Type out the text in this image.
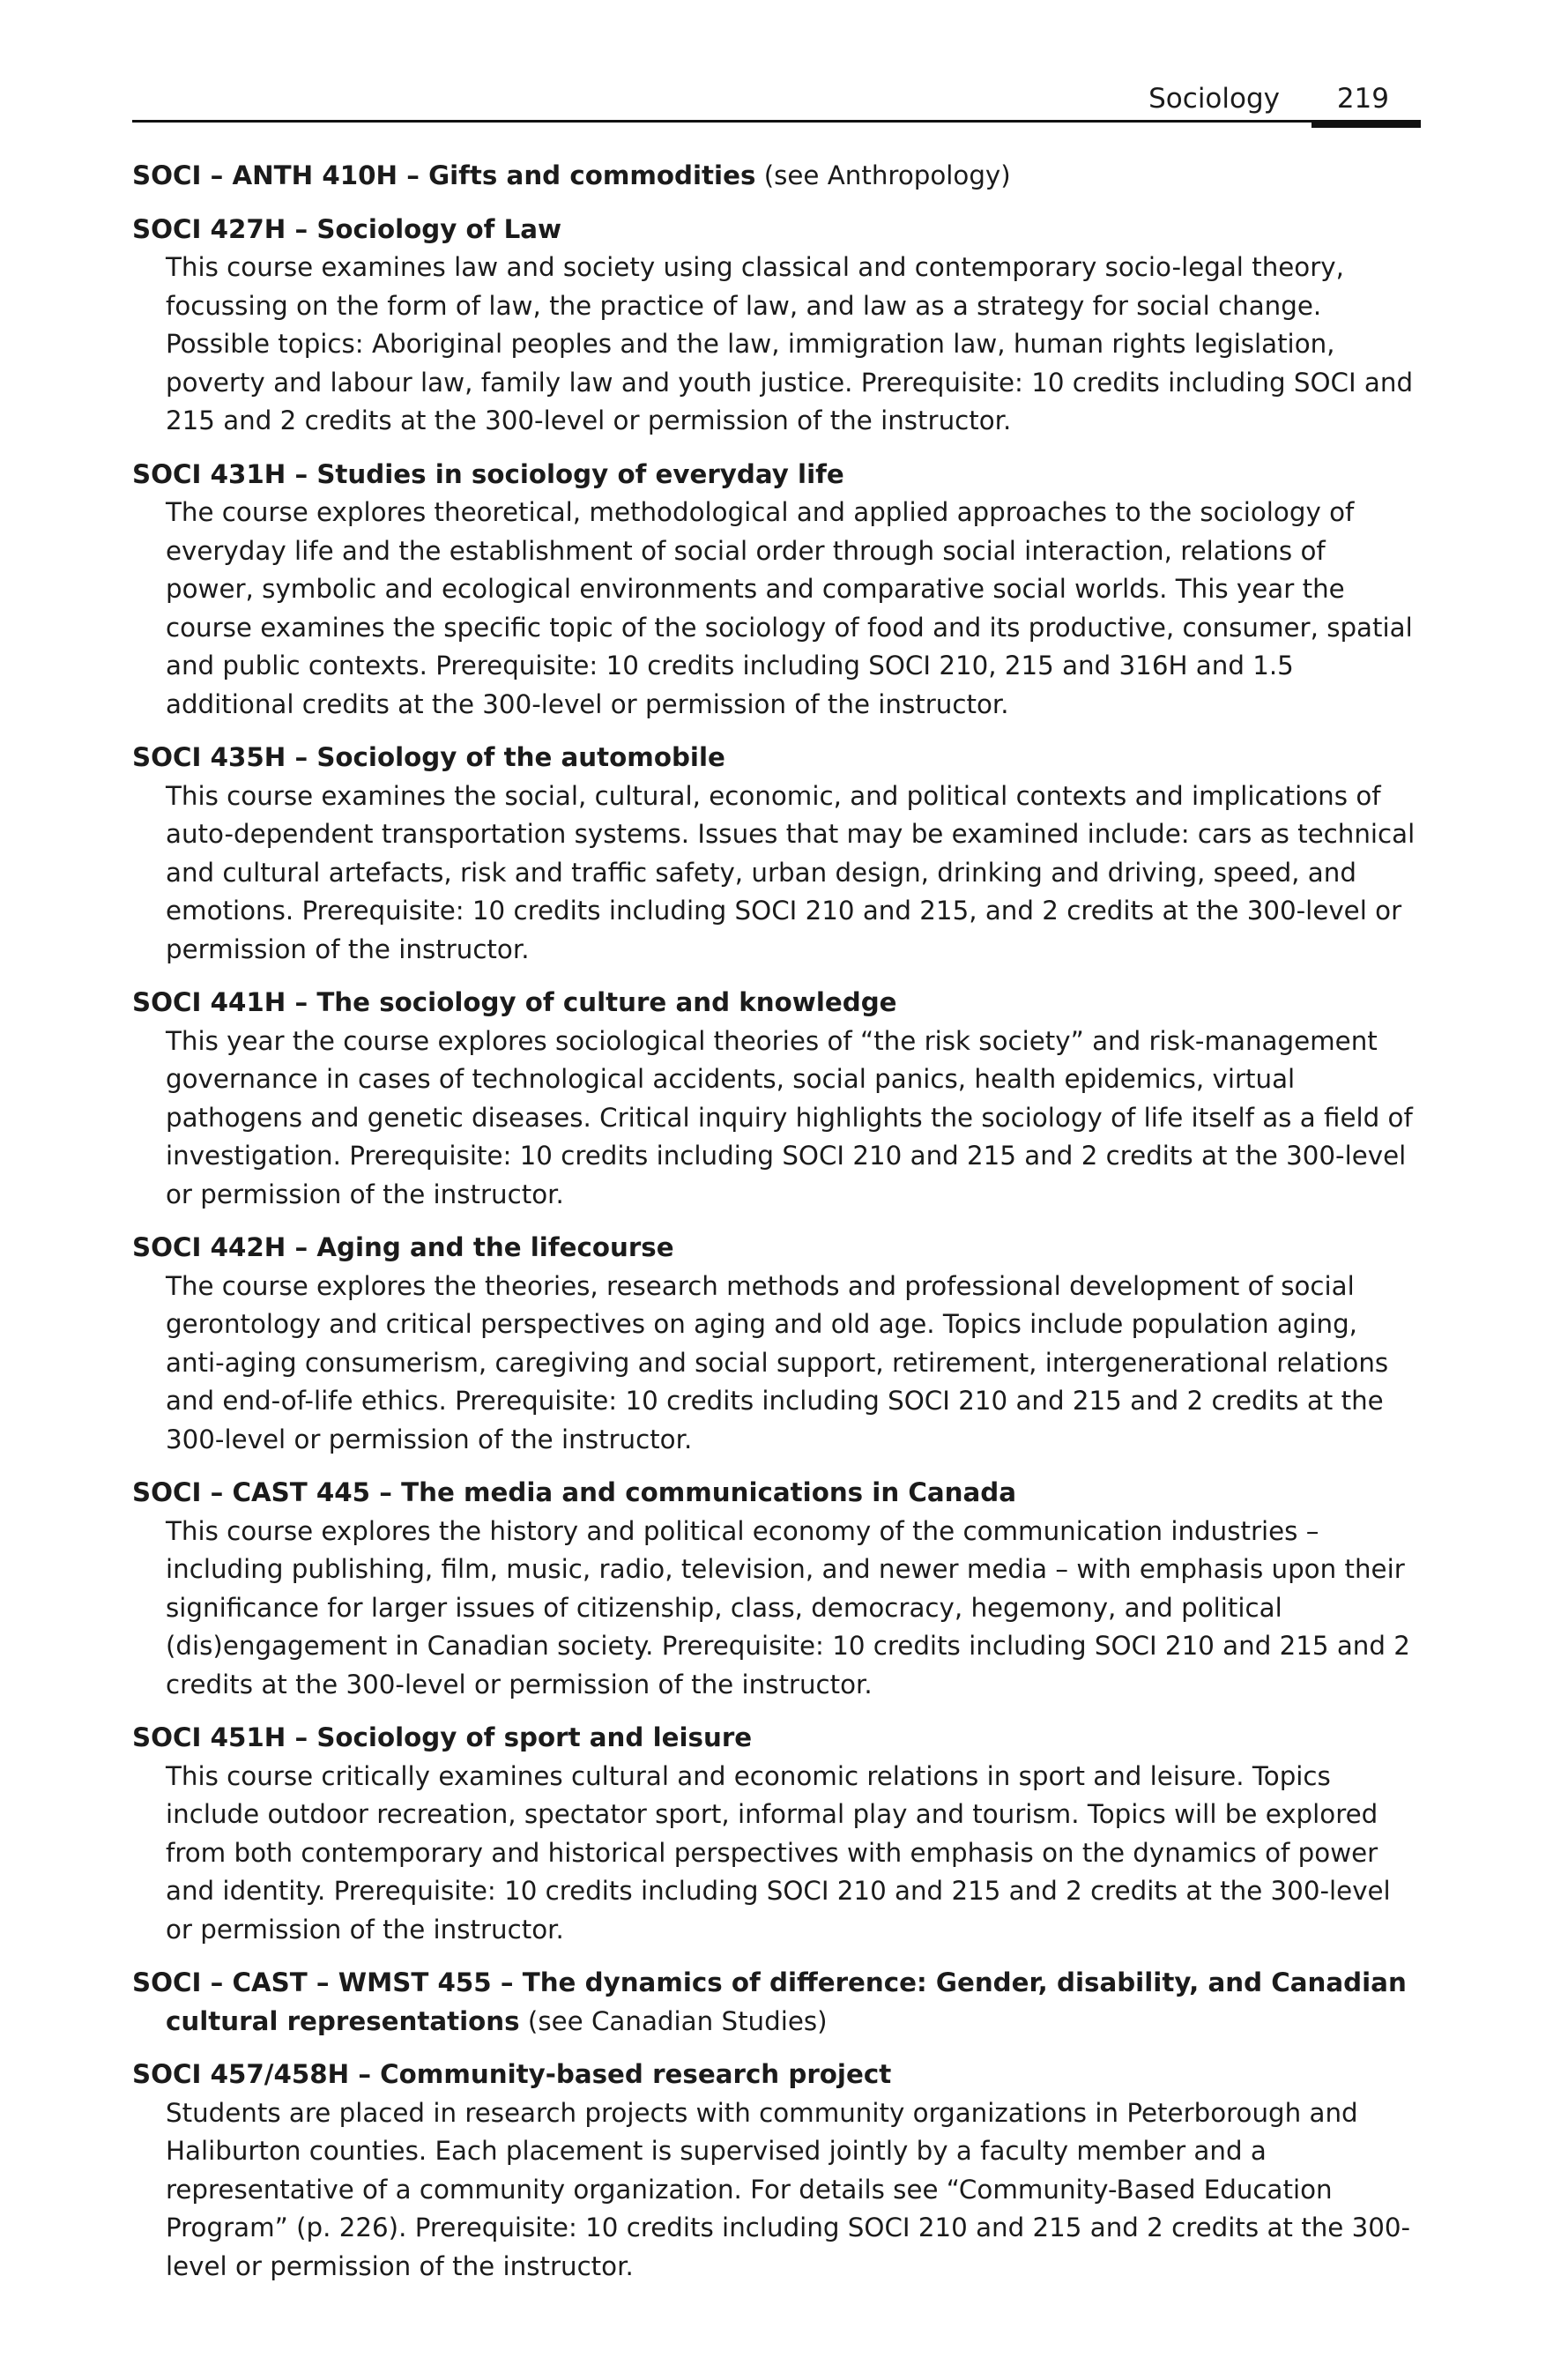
Sociology 219
SOCI – ANTH 410H – Gifts and commodities (see Anthropology)
SOCI 427H – Sociology of Law
This course examines law and society using classical and contemporary socio-legal theory, focussing on the form of law, the practice of law, and law as a strategy for social change. Possible topics: Aboriginal peoples and the law, immigration law, human rights legislation, poverty and labour law, family law and youth justice. Prerequisite: 10 credits including SOCI and 215 and 2 credits at the 300-level or permission of the instructor.
SOCI 431H – Studies in sociology of everyday life
The course explores theoretical, methodological and applied approaches to the sociology of everyday life and the establishment of social order through social interaction, relations of power, symbolic and ecological environments and comparative social worlds. This year the course examines the specific topic of the sociology of food and its productive, consumer, spatial and public contexts. Prerequisite: 10 credits including SOCI 210, 215 and 316H and 1.5 additional credits at the 300-level or permission of the instructor.
SOCI 435H – Sociology of the automobile
This course examines the social, cultural, economic, and political contexts and implications of auto-dependent transportation systems. Issues that may be examined include: cars as technical and cultural artefacts, risk and traffic safety, urban design, drinking and driving, speed, and emotions. Prerequisite: 10 credits including SOCI 210 and 215, and 2 credits at the 300-level or permission of the instructor.
SOCI 441H – The sociology of culture and knowledge
This year the course explores sociological theories of “the risk society” and risk-management governance in cases of technological accidents, social panics, health epidemics, virtual pathogens and genetic diseases. Critical inquiry highlights the sociology of life itself as a field of investigation. Prerequisite: 10 credits including SOCI 210 and 215 and 2 credits at the 300-level or permission of the instructor.
SOCI 442H – Aging and the lifecourse
The course explores the theories, research methods and professional development of social gerontology and critical perspectives on aging and old age. Topics include population aging, anti-aging consumerism, caregiving and social support, retirement, intergenerational relations and end-of-life ethics. Prerequisite: 10 credits including SOCI 210 and 215 and 2 credits at the 300-level or permission of the instructor.
SOCI – CAST 445 – The media and communications in Canada
This course explores the history and political economy of the communication industries – including publishing, film, music, radio, television, and newer media – with emphasis upon their significance for larger issues of citizenship, class, democracy, hegemony, and political (dis)engagement in Canadian society. Prerequisite: 10 credits including SOCI 210 and 215 and 2 credits at the 300-level or permission of the instructor.
SOCI 451H – Sociology of sport and leisure
This course critically examines cultural and economic relations in sport and leisure. Topics include outdoor recreation, spectator sport, informal play and tourism. Topics will be explored from both contemporary and historical perspectives with emphasis on the dynamics of power and identity. Prerequisite: 10 credits including SOCI 210 and 215 and 2 credits at the 300-level or permission of the instructor.
SOCI – CAST – WMST 455 – The dynamics of difference: Gender, disability, and Canadian cultural representations (see Canadian Studies)
SOCI 457/458H – Community-based research project
Students are placed in research projects with community organizations in Peterborough and Haliburton counties. Each placement is supervised jointly by a faculty member and a representative of a community organization. For details see “Community-Based Education Program” (p. 226). Prerequisite: 10 credits including SOCI 210 and 215 and 2 credits at the 300-level or permission of the instructor.
